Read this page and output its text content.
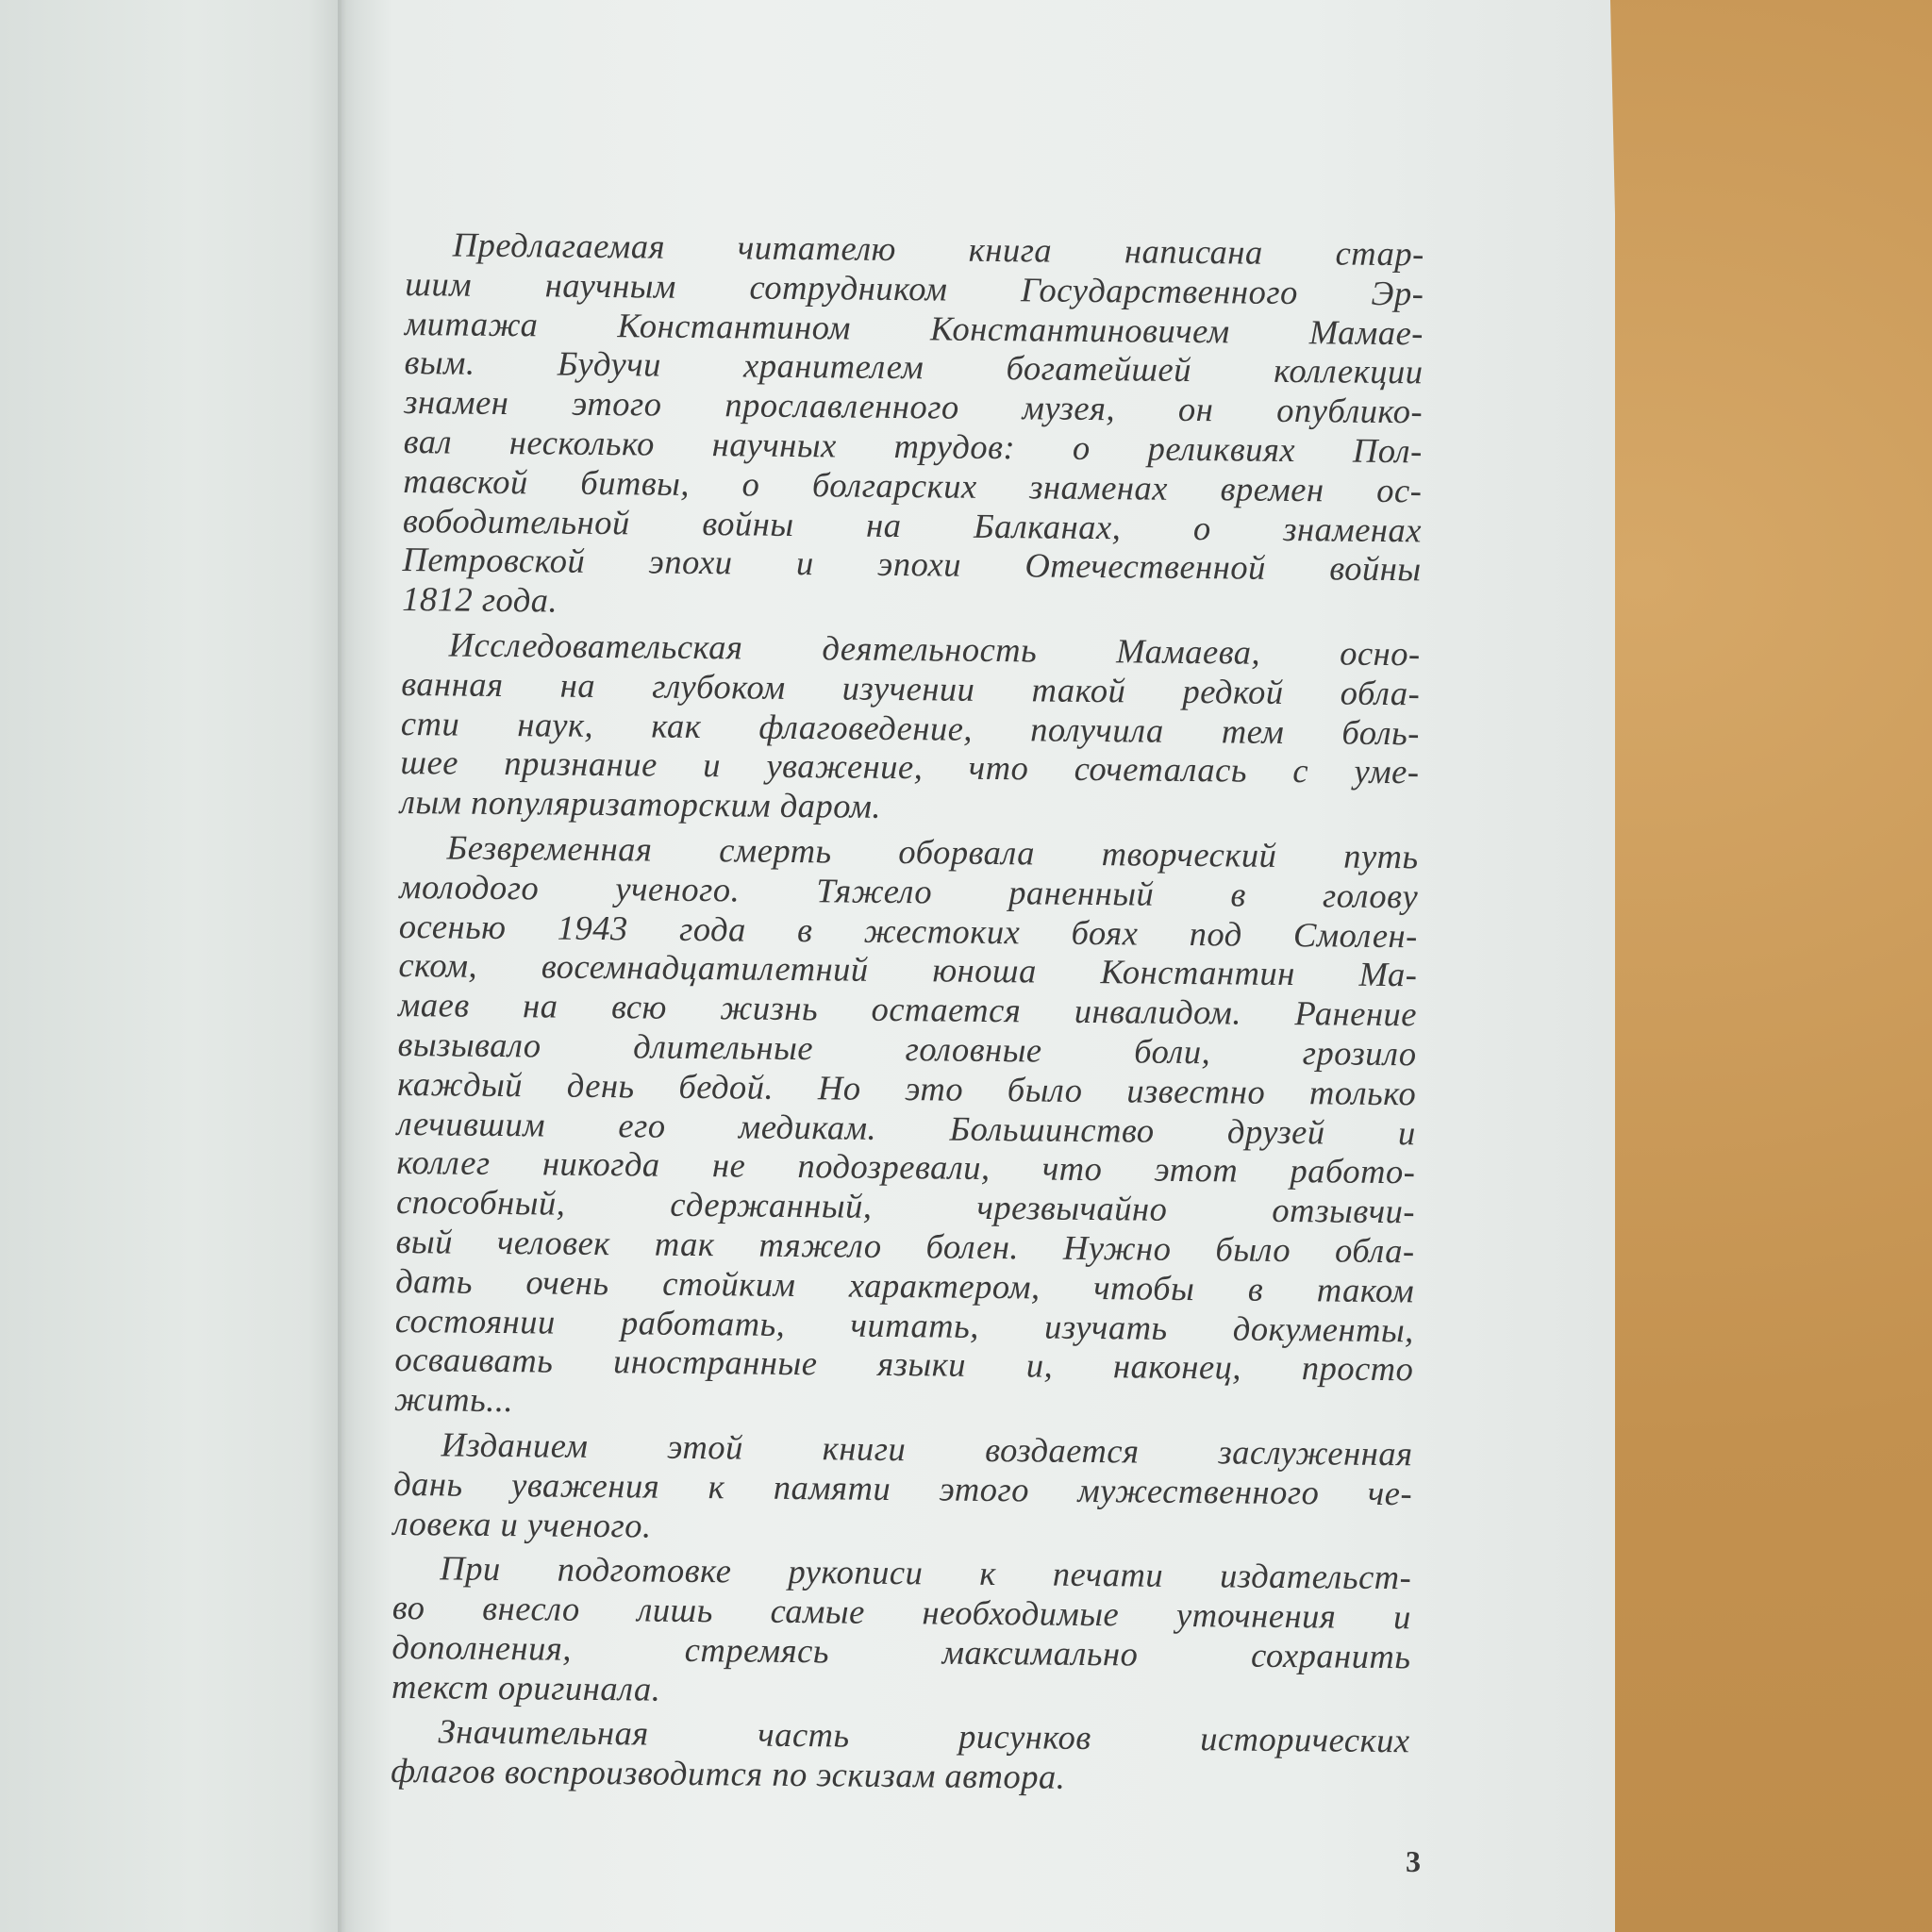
Предлагаемая читателю книга написана стар-
шим научным сотрудником Государственного Эр-
митажа Константином Константиновичем Мамае-
вым. Будучи хранителем богатейшей коллекции
знамен этого прославленного музея, он опублико-
вал несколько научных трудов: о реликвиях Пол-
тавской битвы, о болгарских знаменах времен ос-
вободительной войны на Балканах, о знаменах
Петровской эпохи и эпохи Отечественной войны
1812 года.
Исследовательская деятельность Мамаева, осно-
ванная на глубоком изучении такой редкой обла-
сти наук, как флаговедение, получила тем боль-
шее признание и уважение, что сочеталась с уме-
лым популяризаторским даром.
Безвременная смерть оборвала творческий путь
молодого ученого. Тяжело раненный в голову
осенью 1943 года в жестоких боях под Смолен-
ском, восемнадцатилетний юноша Константин Ма-
маев на всю жизнь остается инвалидом. Ранение
вызывало длительные головные боли, грозило
каждый день бедой. Но это было известно только
лечившим его медикам. Большинство друзей и
коллег никогда не подозревали, что этот работо-
способный, сдержанный, чрезвычайно отзывчи-
вый человек так тяжело болен. Нужно было обла-
дать очень стойким характером, чтобы в таком
состоянии работать, читать, изучать документы,
осваивать иностранные языки и, наконец, просто
жить...
Изданием этой книги воздается заслуженная
дань уважения к памяти этого мужественного че-
ловека и ученого.
При подготовке рукописи к печати издательст-
во внесло лишь самые необходимые уточнения и
дополнения, стремясь максимально сохранить
текст оригинала.
Значительная часть рисунков исторических
флагов воспроизводится по эскизам автора.
3
